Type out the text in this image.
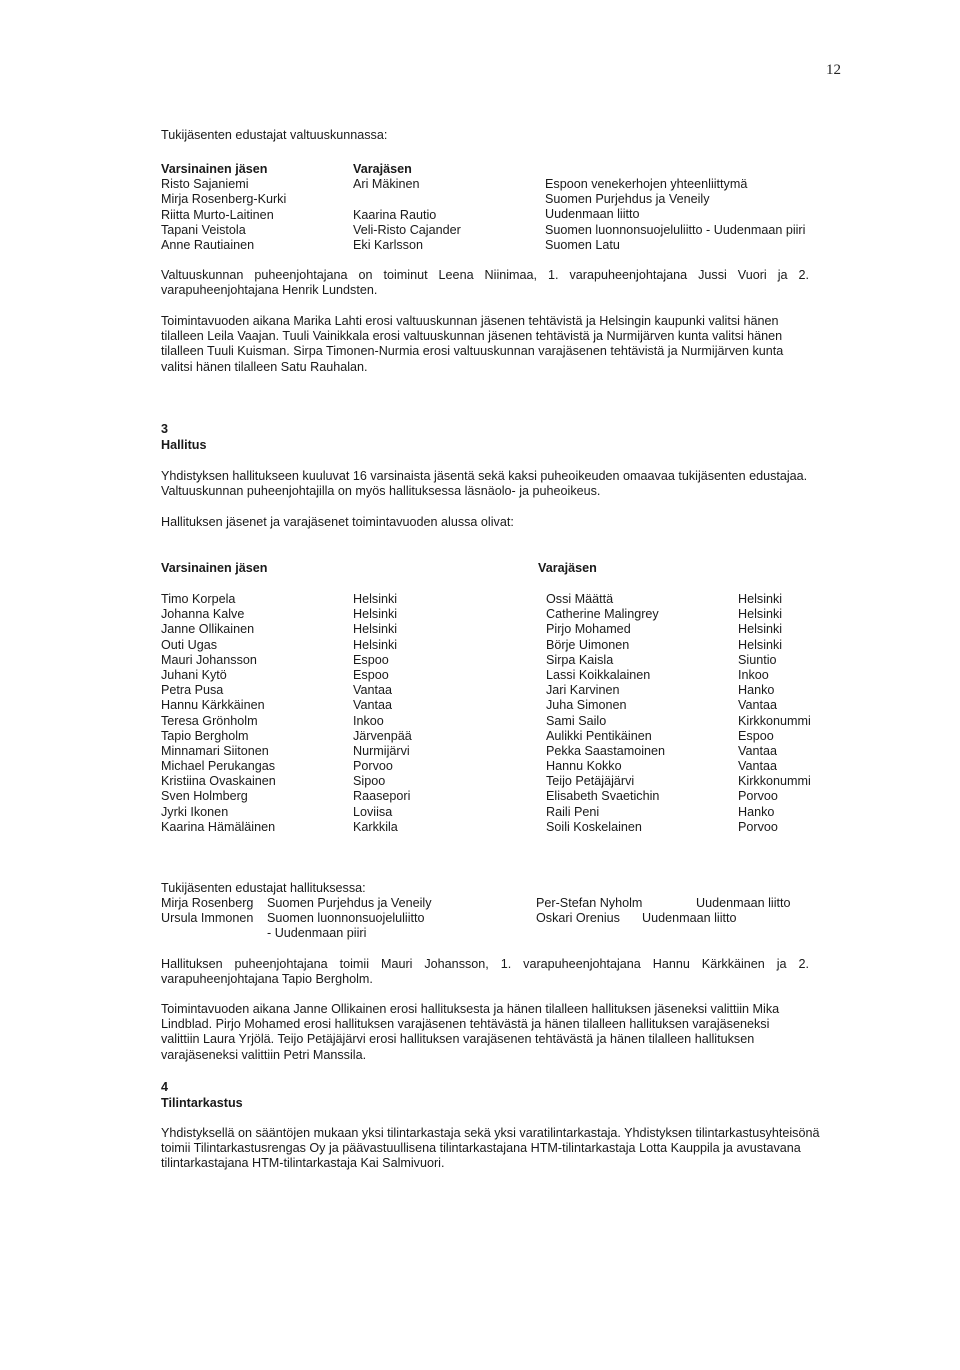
12
Tukijäsenten edustajat valtuuskunnassa:
Varsinainen jäsen
Risto Sajaniemi
Mirja Rosenberg-Kurki
Riitta Murto-Laitinen
Tapani Veistola
Anne Rautiainen
Varajäsen
Ari Mäkinen
Kaarina Rautio
Veli-Risto Cajander
Eki Karlsson
Espoon venekerhojen yhteenliittymä
Suomen Purjehdus ja Veneily
Uudenmaan liitto
Suomen luonnonsuojeluliitto - Uudenmaan piiri
Suomen Latu

Valtuuskunnan puheenjohtajana on toiminut Leena Niinimaa, 1. varapuheenjohtajana Jussi Vuori ja 2. varapuheenjohtajana Henrik Lundsten.

Toimintavuoden aikana Marika Lahti erosi valtuuskunnan jäsenen tehtävistä ja Helsingin kaupunki valitsi hänen tilalleen Leila Vaajan. Tuuli Vainikkala erosi valtuuskunnan jäsenen tehtävistä ja Nurmijärven kunta valitsi hänen tilalleen Tuuli Kuisman. Sirpa Timonen-Nurmia erosi valtuuskunnan varajäsenen tehtävistä ja Nurmijärven kunta valitsi hänen tilalleen Satu Rauhalan.

3
Hallitus

Yhdistyksen hallitukseen kuuluvat 16 varsinaista jäsentä sekä kaksi puheoikeuden omaavaa tukijäsenten edustajaa. Valtuuskunnan puheenjohtajilla on myös hallituksessa läsnäolo- ja puheoikeus.

Hallituksen jäsenet ja varajäsenet toimintavuoden alussa olivat:

Varsinainen jäsen	Varajäsen
Timo Korpela
Johanna Kalve
Janne Ollikainen
Outi Ugas
Mauri Johansson
Juhani Kytö
Petra Pusa
Hannu Kärkkäinen
Teresa Grönholm
Tapio Bergholm
Minnamari Siitonen
Michael Perukangas
Kristiina Ovaskainen
Sven Holmberg
Jyrki Ikonen
Kaarina Hämäläinen
Helsinki
Helsinki
Helsinki
Helsinki
Espoo
Espoo
Vantaa
Vantaa
Inkoo
Järvenpää
Nurmijärvi
Porvoo
Sipoo
Raasepori
Loviisa
Karkkila
Ossi Määttä
Catherine Malingrey
Pirjo Mohamed
Börje Uimonen
Sirpa Kaisla
Lassi Koikkalainen
Jari Karvinen
Juha Simonen
Sami Sailo
Aulikki Pentikäinen
Pekka Saastamoinen
Hannu Kokko
Teijo Petäjäjärvi
Elisabeth Svaetichin
Raili Peni
Soili Koskelainen
Helsinki
Helsinki
Helsinki
Helsinki
Siuntio
Inkoo
Hanko
Vantaa
Kirkkonummi
Espoo
Vantaa
Vantaa
Kirkkonummi
Porvoo
Hanko
Porvoo
Tukijäsenten edustajat hallituksessa:
Mirja Rosenberg
Ursula Immonen
Suomen Purjehdus ja Veneily
Suomen luonnonsuojeluliitto
- Uudenmaan piiri
Per-Stefan Nyholm
Oskari Orenius
Uudenmaan liitto
Uudenmaan liitto

Hallituksen puheenjohtajana toimii Mauri Johansson, 1. varapuheenjohtajana Hannu Kärkkäinen ja 2. varapuheenjohtajana Tapio Bergholm.

Toimintavuoden aikana Janne Ollikainen erosi hallituksesta ja hänen tilalleen hallituksen jäseneksi valittiin Mika Lindblad. Pirjo Mohamed erosi hallituksen varajäsenen tehtävästä ja hänen tilalleen hallituksen varajäseneksi valittiin Laura Yrjölä. Teijo Petäjäjärvi erosi hallituksen varajäsenen tehtävästä ja hänen tilalleen hallituksen varajäseneksi valittiin Petri Manssila.

4
Tilintarkastus

Yhdistyksellä on sääntöjen mukaan yksi tilintarkastaja sekä yksi varatilintarkastaja. Yhdistyksen tilintarkastusyhteisönä toimii Tilintarkastusrengas Oy ja päävastuullisena tilintarkastajana HTM-tilintarkastaja Lotta Kauppila ja avustavana tilintarkastajana HTM-tilintarkastaja Kai Salmivuori.
